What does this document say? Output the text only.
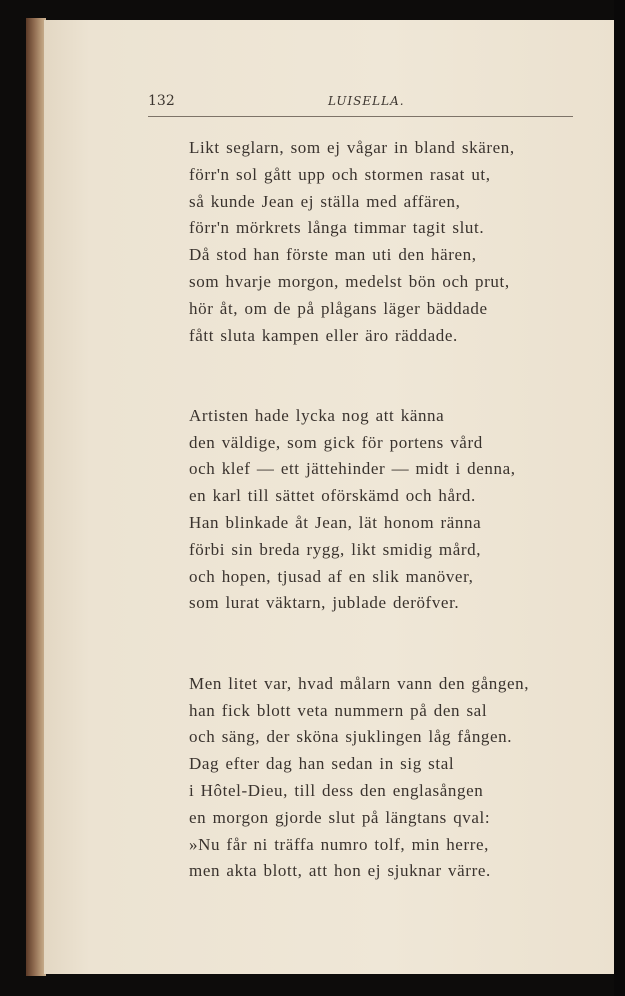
132	LUISELLA.
Likt seglarn, som ej vågar in bland skären,
förr'n sol gått upp och stormen rasat ut,
så kunde Jean ej ställa med affären,
förr'n mörkrets långa timmar tagit slut.
Då stod han förste man uti den hären,
som hvarje morgon, medelst bön och prut,
hör åt, om de på plågans läger bäddade
fått sluta kampen eller äro räddade.
Artisten hade lycka nog att känna
den väldige, som gick för portens vård
och klef — ett jättehinder — midt i denna,
en karl till sättet oförskämd och hård.
Han blinkade åt Jean, lät honom ränna
förbi sin breda rygg, likt smidig mård,
och hopen, tjusad af en slik manöver,
som lurat väktarn, jublade deröfver.
Men litet var, hvad målarn vann den gången,
han fick blott veta nummern på den sal
och säng, der sköna sjuklingen låg fången.
Dag efter dag han sedan in sig stal
i Hôtel-Dieu, till dess den englasången
en morgon gjorde slut på längtans qval:
»Nu får ni träffa numro tolf, min herre,
men akta blott, att hon ej sjuknar värre.
